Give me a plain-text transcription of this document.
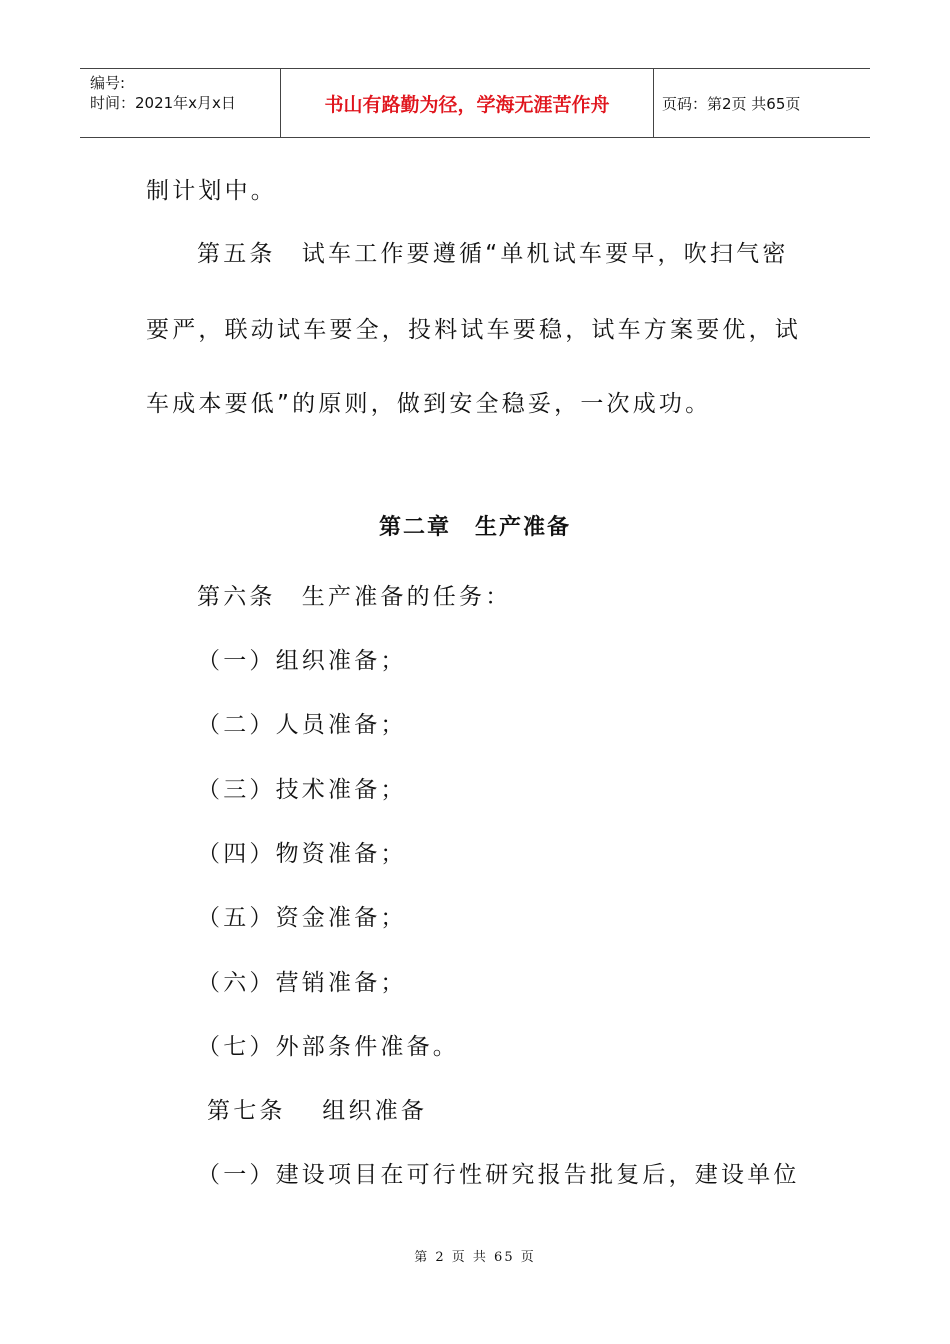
编号:
时间：2021年x月x日	书山有路勤为径，学海无涯苦作舟	页码：第2页 共65页
制计划中。
第五条　试车工作要遵循“单机试车要早，吹扫气密
要严，联动试车要全，投料试车要稳，试车方案要优，试
车成本要低”的原则，做到安全稳妥，一次成功。
第二章　生产准备
第六条　生产准备的任务：
（一）组织准备；
（二）人员准备；
（三）技术准备；
（四）物资准备；
（五）资金准备；
（六）营销准备；
（七）外部条件准备。
第七条　 组织准备
（一）建设项目在可行性研究报告批复后，建设单位
第 2 页 共 65 页
